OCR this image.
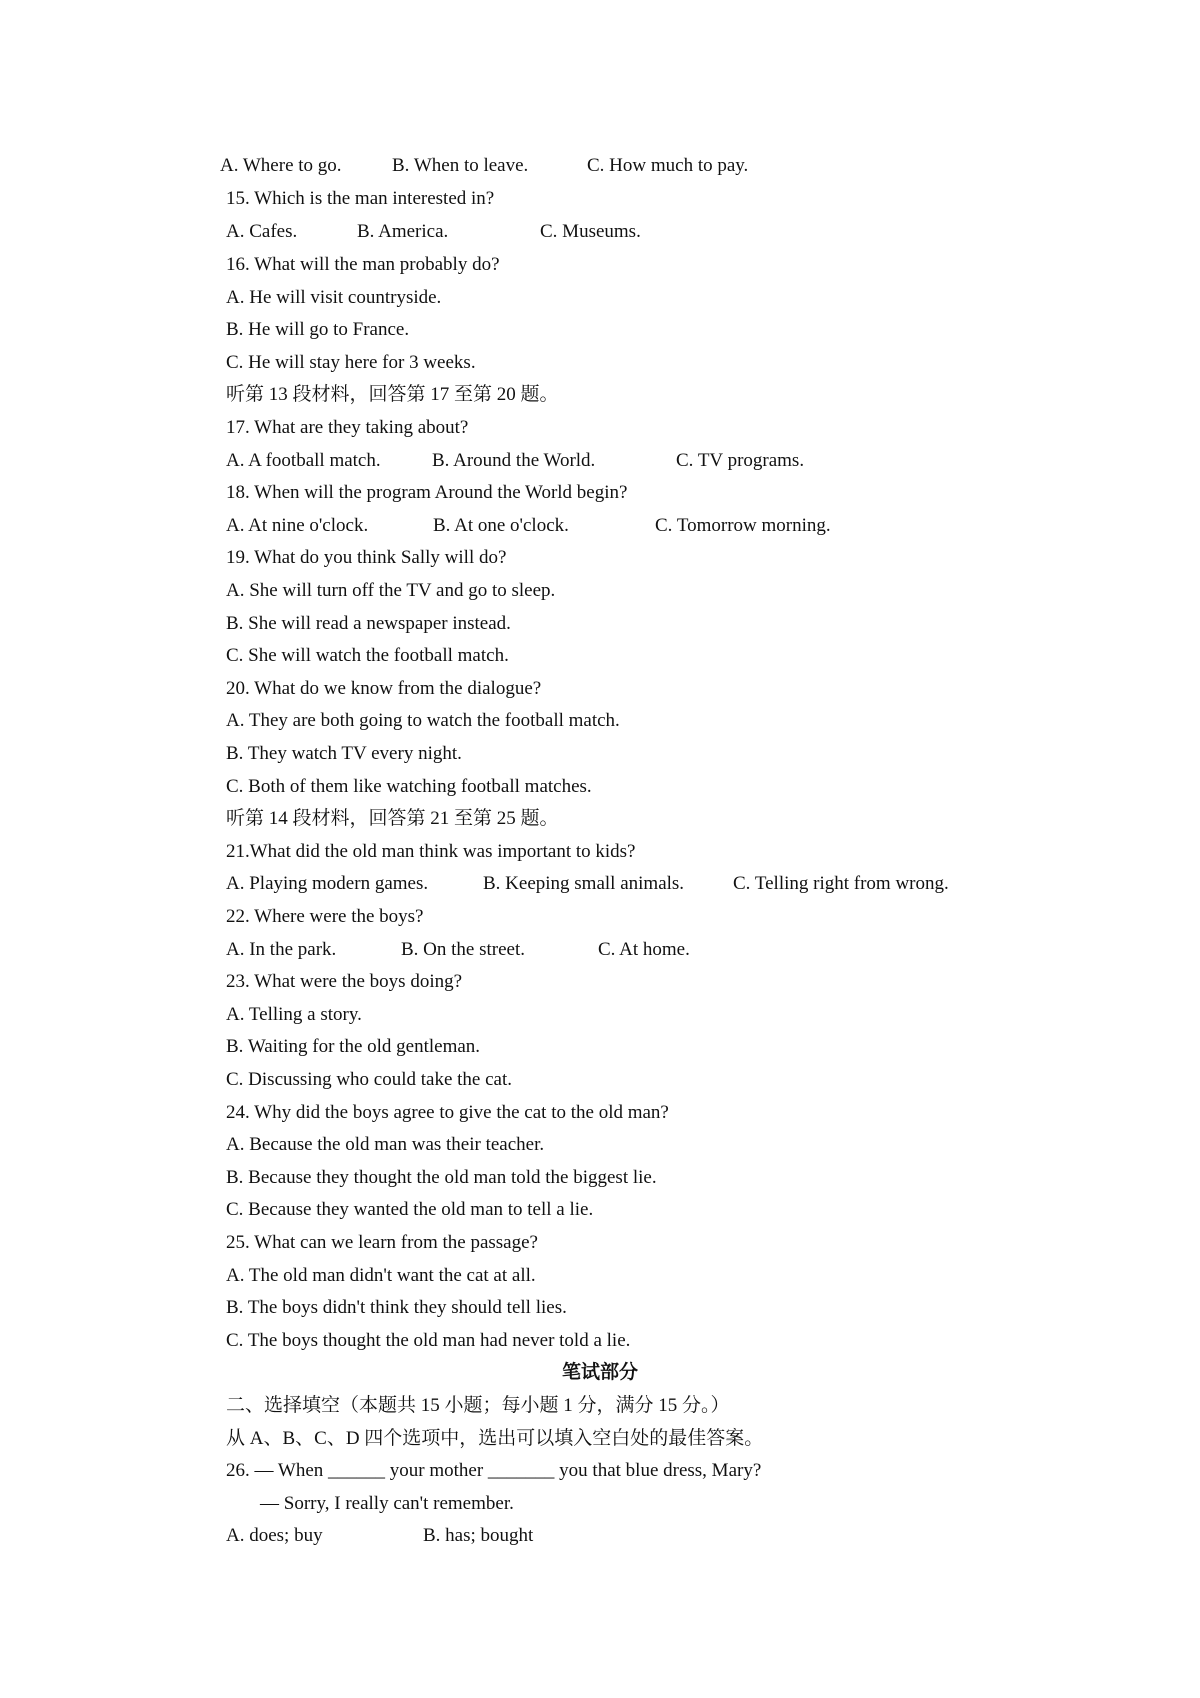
A. Where to go.	B. When to leave.	C. How much to pay.
15. Which is the man interested in?
A. Cafes.	B. America.	C. Museums.
16. What will the man probably do?
A. He will visit countryside.
B. He will go to France.
C. He will stay here for 3 weeks.
听第 13 段材料，回答第 17 至第 20 题。
17. What are they taking about?
A. A football match.	B. Around the World.	C. TV programs.
18. When will the program Around the World begin?
A. At nine o'clock.	B. At one o'clock.	C. Tomorrow morning.
19. What do you think Sally will do?
A. She will turn off the TV and go to sleep.
B. She will read a newspaper instead.
C. She will watch the football match.
20. What do we know from the dialogue?
A. They are both going to watch the football match.
B. They watch TV every night.
C. Both of them like watching football matches.
听第 14 段材料，回答第 21 至第 25 题。
21.What did the old man think was important to kids?
A. Playing modern games.	B. Keeping small animals.	C. Telling right from wrong.
22. Where were the boys?
A. In the park.	B. On the street.	C. At home.
23. What were the boys doing?
A. Telling a story.
B. Waiting for the old gentleman.
C. Discussing who could take the cat.
24. Why did the boys agree to give the cat to the old man?
A. Because the old man was their teacher.
B. Because they thought the old man told the biggest lie.
C. Because they wanted the old man to tell a lie.
25. What can we learn from the passage?
A. The old man didn't want the cat at all.
B. The boys didn't think they should tell lies.
C. The boys thought the old man had never told a lie.
笔试部分
二、选择填空（本题共 15 小题；每小题 1 分，满分 15 分。）
从 A、B、C、D 四个选项中，选出可以填入空白处的最佳答案。
26. — When ______ your mother _______ you that blue dress, Mary?
— Sorry, I really can't remember.
A. does; buy	B. has; bought
